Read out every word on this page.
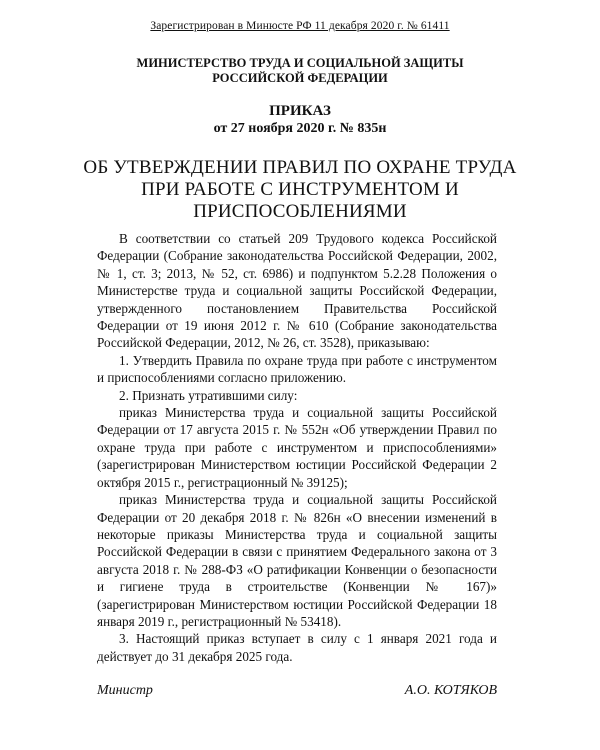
Зарегистрирован в Минюсте РФ 11 декабря 2020 г. № 61411
МИНИСТЕРСТВО ТРУДА И СОЦИАЛЬНОЙ ЗАЩИТЫ РОССИЙСКОЙ ФЕДЕРАЦИИ
ПРИКАЗ
от 27 ноября 2020 г. № 835н
ОБ УТВЕРЖДЕНИИ ПРАВИЛ ПО ОХРАНЕ ТРУДА ПРИ РАБОТЕ С ИНСТРУМЕНТОМ И ПРИСПОСОБЛЕНИЯМИ

В соответствии со статьей 209 Трудового кодекса Российской Федерации (Собрание законодательства Российской Федерации, 2002, № 1, ст. 3; 2013, № 52, ст. 6986) и подпунктом 5.2.28 Положения о Министерстве труда и социальной защиты Российской Федерации, утвержденного постановлением Правительства Российской Федерации от 19 июня 2012 г. № 610 (Собрание законодательства Российской Федерации, 2012, № 26, ст. 3528), приказываю:

1. Утвердить Правила по охране труда при работе с инструментом и приспособлениями согласно приложению.

2. Признать утратившими силу:

приказ Министерства труда и социальной защиты Российской Федерации от 17 августа 2015 г. № 552н «Об утверждении Правил по охране труда при работе с инструментом и приспособлениями» (зарегистрирован Министерством юстиции Российской Федерации 2 октября 2015 г., регистрационный № 39125);

приказ Министерства труда и социальной защиты Российской Федерации от 20 декабря 2018 г. № 826н «О внесении изменений в некоторые приказы Министерства труда и социальной защиты Российской Федерации в связи с принятием Федерального закона от 3 августа 2018 г. № 288-ФЗ «О ратификации Конвенции о безопасности и гигиене труда в строительстве (Конвенции № 167)» (зарегистрирован Министерством юстиции Российской Федерации 18 января 2019 г., регистрационный № 53418).

3. Настоящий приказ вступает в силу с 1 января 2021 года и действует до 31 декабря 2025 года.

Министр	А.О. КОТЯКОВ
